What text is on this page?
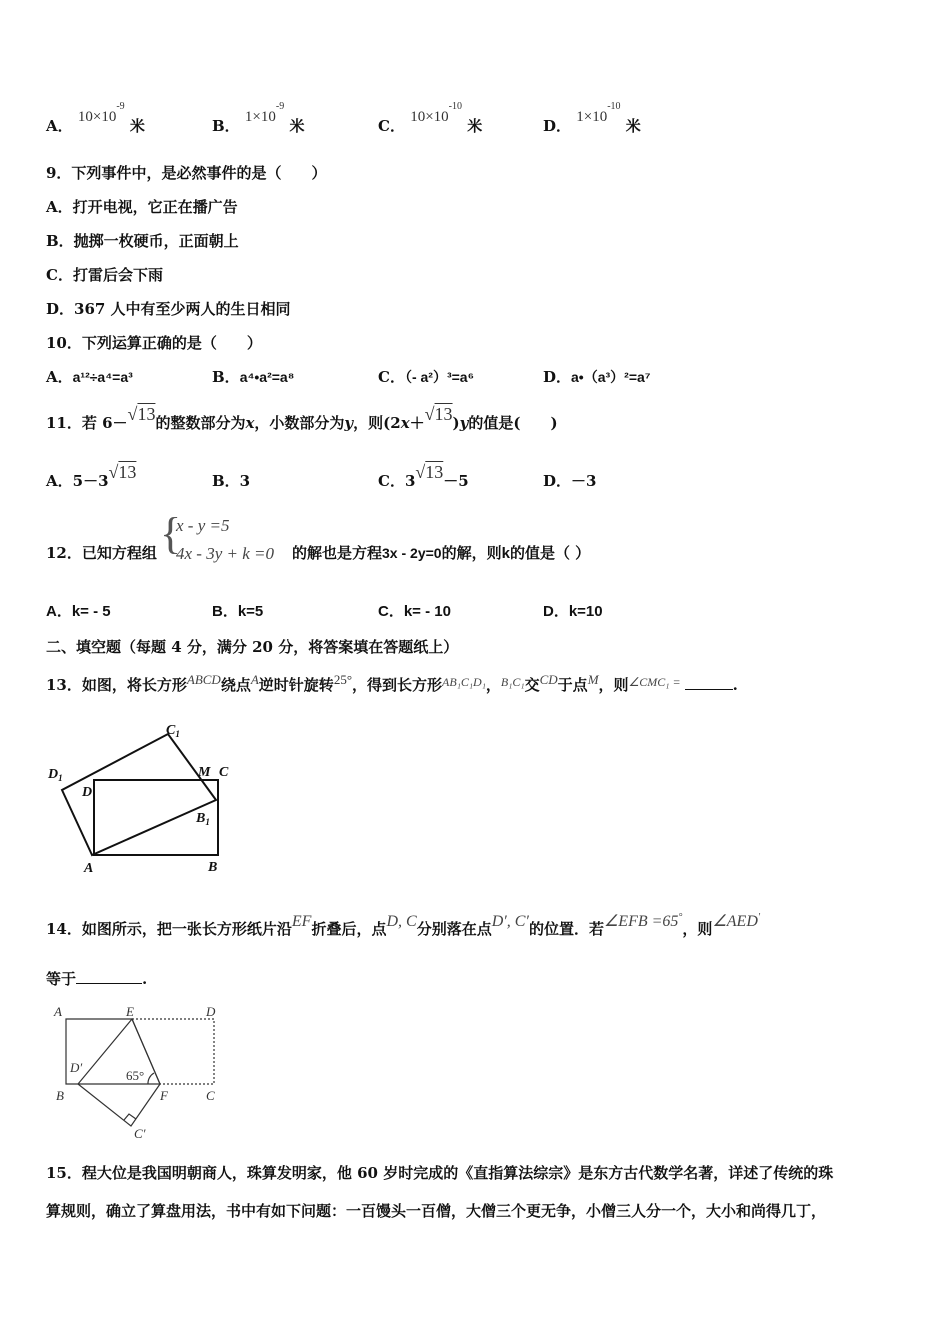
A． $10\times 10^{-9}$ 米	B． $1\times 10^{-9}$ 米	C． $10\times 10^{-10}$ 米	D． $1\times 10^{-10}$ 米
9．下列事件中，是必然事件的是（　　）
A．打开电视，它正在播广告
B．抛掷一枚硬币，正面朝上
C．打雷后会下雨
D．367 人中有至少两人的生日相同
10．下列运算正确的是（　　）
A．a¹²÷a⁴=a³	B．a⁴•a²=a⁸	C．（- a²）³=a⁶	D．a•（a³）²=a⁷
11．若 6－√13的整数部分为x，小数部分为y，则(2x＋√13)y的值是(　　)
A．5－3√13	B．3	C．3√13－5	D．－3
12．已知方程组 {
x - y =5
4x - 3y + k =0 的解也是方程3x - 2y=0的解，则k的值是（ ）
A．k= - 5	B．k=5	C．k= - 10	D．k=10
二、填空题（每题 4 分，满分 20 分，将答案填在答题纸上）
13．如图，将长方形ABCD绕点A逆时针旋转25°，得到长方形$^{AB_1C_1D_1}$，$^{B_1C_1}$交CD于点M，则$^{\angle CMC_1 =}$	.
$C_1$
$D_1$	M C
D
$B_1$
A	B
14．如图所示，把一张长方形纸片沿EF折叠后，点D, C分别落在点D′, C′的位置．若∠EFB =65°，则∠AED′
等于	.
A	E	D
D′
65°
B	F	C
C′
15．程大位是我国明朝商人，珠算发明家，他 60 岁时完成的《直指算法综宗》是东方古代数学名著，详述了传统的珠
算规则，确立了算盘用法，书中有如下问题：一百馒头一百僧，大僧三个更无争，小僧三人分一个，大小和尚得几丁，
